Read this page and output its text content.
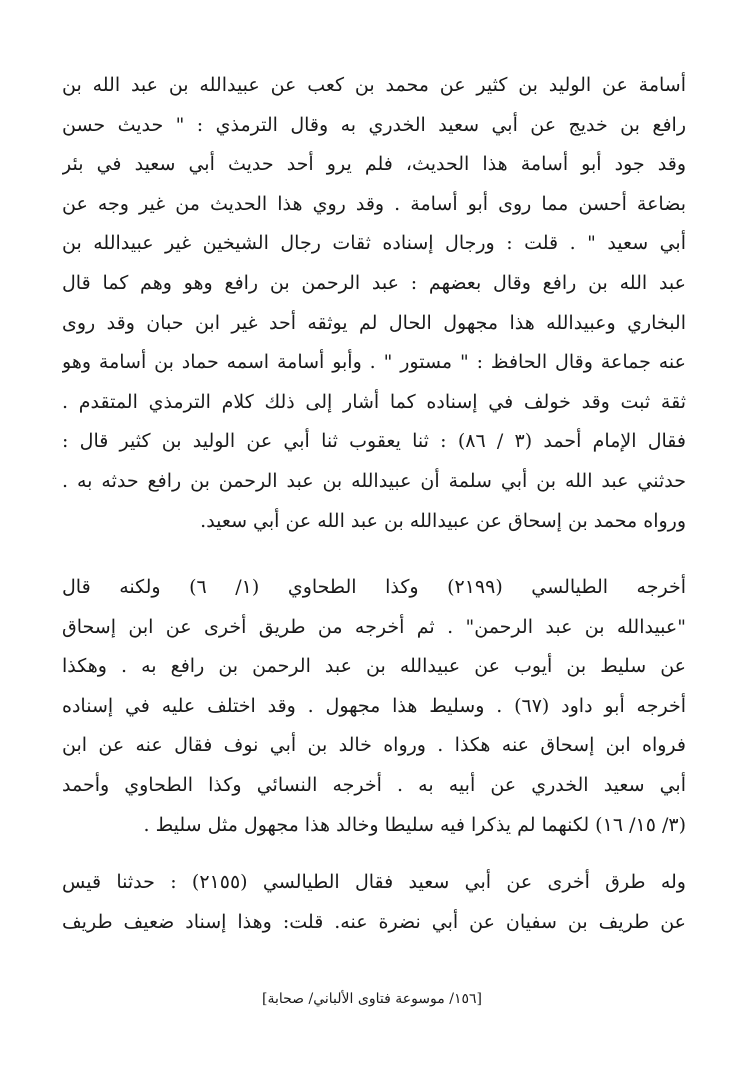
أسامة عن الوليد بن كثير عن محمد بن كعب عن عبيدالله بن عبد الله بن
رافع بن خديج عن أبي سعيد الخدري به وقال الترمذي : " حديث حسن
وقد جود أبو أسامة هذا الحديث، فلم يرو أحد حديث أبي سعيد في بئر
بضاعة أحسن مما روى أبو أسامة . وقد روي هذا الحديث من غير وجه عن
أبي سعيد " . قلت : ورجال إسناده ثقات رجال الشيخين غير عبيدالله بن
عبد الله بن رافع وقال بعضهم : عبد الرحمن بن رافع وهو وهم كما قال
البخاري وعبيدالله هذا مجهول الحال لم يوثقه أحد غير ابن حبان وقد روى
عنه جماعة وقال الحافظ : " مستور " . وأبو أسامة اسمه حماد بن أسامة وهو
ثقة ثبت وقد خولف في إسناده كما أشار إلى ذلك كلام الترمذي المتقدم .
فقال الإمام أحمد (٣ / ٨٦) : ثنا يعقوب ثنا أبي عن الوليد بن كثير قال :
حدثني عبد الله بن أبي سلمة أن عبيدالله بن عبد الرحمن بن رافع حدثه به .
ورواه محمد بن إسحاق عن عبيدالله بن عبد الله عن أبي سعيد.
أخرجه الطيالسي (٢١٩٩) وكذا الطحاوي (١/ ٦) ولكنه قال
"عبيدالله بن عبد الرحمن" . ثم أخرجه من طريق أخرى عن ابن إسحاق
عن سليط بن أيوب عن عبيدالله بن عبد الرحمن بن رافع به . وهكذا
أخرجه أبو داود (٦٧) . وسليط هذا مجهول . وقد اختلف عليه في إسناده
فرواه ابن إسحاق عنه هكذا . ورواه خالد بن أبي نوف فقال عنه عن ابن
أبي سعيد الخدري عن أبيه به . أخرجه النسائي وكذا الطحاوي وأحمد
(٣/ ١٥/ ١٦) لكنهما لم يذكرا فيه سليطا وخالد هذا مجهول مثل سليط .
وله طرق أخرى عن أبي سعيد فقال الطيالسي (٢١٥٥) : حدثنا قيس
عن طريف بن سفيان عن أبي نضرة عنه. قلت: وهذا إسناد ضعيف طريف
[١٥٦/ موسوعة فتاوى الألباني/ صحابة]
